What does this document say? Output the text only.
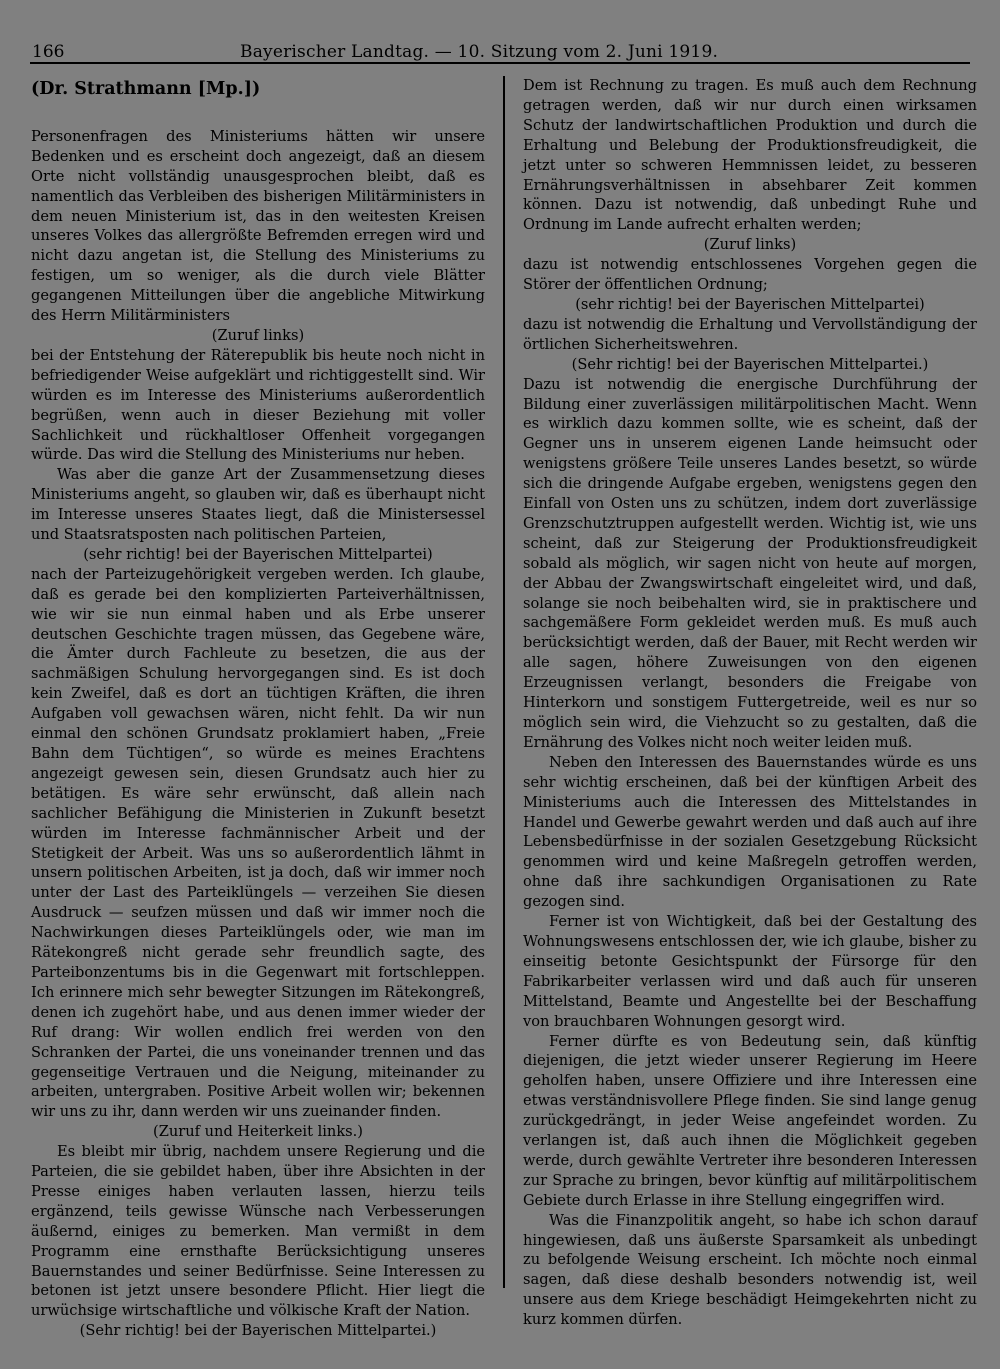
166	Bayerischer Landtag. — 10. Sitzung vom 2. Juni 1919.
(Dr. Strathmann [Mp.])

Personenfragen des Ministeriums hätten wir unsere Bedenken und es erscheint doch angezeigt, daß an diesem Orte nicht vollständig unausgesprochen bleibt, daß es namentlich das Verbleiben des bisherigen Militärministers in dem neuen Ministerium ist, das in den weitesten Kreisen unseres Volkes das allergrößte Befremden erregen wird und nicht dazu angetan ist, die Stellung des Ministeriums zu festigen, um so weniger, als die durch viele Blätter gegangenen Mitteilungen über die angebliche Mitwirkung des Herrn Militärministers

(Zuruf links)

bei der Entstehung der Räterepublik bis heute noch nicht in befriedigender Weise aufgeklärt und richtiggestellt sind. Wir würden es im Interesse des Ministeriums außerordentlich begrüßen, wenn auch in dieser Beziehung mit voller Sachlichkeit und rückhaltloser Offenheit vorgegangen würde. Das wird die Stellung des Ministeriums nur heben.

Was aber die ganze Art der Zusammensetzung dieses Ministeriums angeht, so glauben wir, daß es überhaupt nicht im Interesse unseres Staates liegt, daß die Ministersessel und Staatsratsposten nach politischen Parteien,

(sehr richtig! bei der Bayerischen Mittelpartei)

nach der Parteizugehörigkeit vergeben werden. Ich glaube, daß es gerade bei den komplizierten Parteiverhältnissen, wie wir sie nun einmal haben und als Erbe unserer deutschen Geschichte tragen müssen, das Gegebene wäre, die Ämter durch Fachleute zu besetzen, die aus der sachmäßigen Schulung hervorgegangen sind. Es ist doch kein Zweifel, daß es dort an tüchtigen Kräften, die ihren Aufgaben voll gewachsen wären, nicht fehlt. Da wir nun einmal den schönen Grundsatz proklamiert haben, „Freie Bahn dem Tüchtigen“, so würde es meines Erachtens angezeigt gewesen sein, diesen Grundsatz auch hier zu betätigen. Es wäre sehr erwünscht, daß allein nach sachlicher Befähigung die Ministerien in Zukunft besetzt würden im Interesse fachmännischer Arbeit und der Stetigkeit der Arbeit. Was uns so außerordentlich lähmt in unsern politischen Arbeiten, ist ja doch, daß wir immer noch unter der Last des Parteiklüngels — verzeihen Sie diesen Ausdruck — seufzen müssen und daß wir immer noch die Nachwirkungen dieses Parteiklüngels oder, wie man im Rätekongreß nicht gerade sehr freundlich sagte, des Parteibonzentums bis in die Gegenwart mit fortschleppen. Ich erinnere mich sehr bewegter Sitzungen im Rätekongreß, denen ich zugehört habe, und aus denen immer wieder der Ruf drang: Wir wollen endlich frei werden von den Schranken der Partei, die uns voneinander trennen und das gegenseitige Vertrauen und die Neigung, miteinander zu arbeiten, untergraben. Positive Arbeit wollen wir; bekennen wir uns zu ihr, dann werden wir uns zueinander finden.

(Zuruf und Heiterkeit links.)

Es bleibt mir übrig, nachdem unsere Regierung und die Parteien, die sie gebildet haben, über ihre Absichten in der Presse einiges haben verlauten lassen, hierzu teils ergänzend, teils gewisse Wünsche nach Verbesserungen äußernd, einiges zu bemerken. Man vermißt in dem Programm eine ernsthafte Berücksichtigung unseres Bauernstandes und seiner Bedürfnisse. Seine Interessen zu betonen ist jetzt unsere besondere Pflicht. Hier liegt die urwüchsige wirtschaftliche und völkische Kraft der Nation.

(Sehr richtig! bei der Bayerischen Mittelpartei.)

Dem ist Rechnung zu tragen. Es muß auch dem Rechnung getragen werden, daß wir nur durch einen wirksamen Schutz der landwirtschaftlichen Produktion und durch die Erhaltung und Belebung der Produktionsfreudigkeit, die jetzt unter so schweren Hemmnissen leidet, zu besseren Ernährungsverhältnissen in absehbarer Zeit kommen können. Dazu ist notwendig, daß unbedingt Ruhe und Ordnung im Lande aufrecht erhalten werden;

(Zuruf links)

dazu ist notwendig entschlossenes Vorgehen gegen die Störer der öffentlichen Ordnung;

(sehr richtig! bei der Bayerischen Mittelpartei)

dazu ist notwendig die Erhaltung und Vervollständigung der örtlichen Sicherheitswehren.

(Sehr richtig! bei der Bayerischen Mittelpartei.)

Dazu ist notwendig die energische Durchführung der Bildung einer zuverlässigen militärpolitischen Macht. Wenn es wirklich dazu kommen sollte, wie es scheint, daß der Gegner uns in unserem eigenen Lande heimsucht oder wenigstens größere Teile unseres Landes besetzt, so würde sich die dringende Aufgabe ergeben, wenigstens gegen den Einfall von Osten uns zu schützen, indem dort zuverlässige Grenzschutztruppen aufgestellt werden. Wichtig ist, wie uns scheint, daß zur Steigerung der Produktionsfreudigkeit sobald als möglich, wir sagen nicht von heute auf morgen, der Abbau der Zwangswirtschaft eingeleitet wird, und daß, solange sie noch beibehalten wird, sie in praktischere und sachgemäßere Form gekleidet werden muß. Es muß auch berücksichtigt werden, daß der Bauer, mit Recht werden wir alle sagen, höhere Zuweisungen von den eigenen Erzeugnissen verlangt, besonders die Freigabe von Hinterkorn und sonstigem Futtergetreide, weil es nur so möglich sein wird, die Viehzucht so zu gestalten, daß die Ernährung des Volkes nicht noch weiter leiden muß.

Neben den Interessen des Bauernstandes würde es uns sehr wichtig erscheinen, daß bei der künftigen Arbeit des Ministeriums auch die Interessen des Mittelstandes in Handel und Gewerbe gewahrt werden und daß auch auf ihre Lebensbedürfnisse in der sozialen Gesetzgebung Rücksicht genommen wird und keine Maßregeln getroffen werden, ohne daß ihre sachkundigen Organisationen zu Rate gezogen sind.

Ferner ist von Wichtigkeit, daß bei der Gestaltung des Wohnungswesens entschlossen der, wie ich glaube, bisher zu einseitig betonte Gesichtspunkt der Fürsorge für den Fabrikarbeiter verlassen wird und daß auch für unseren Mittelstand, Beamte und Angestellte bei der Beschaffung von brauchbaren Wohnungen gesorgt wird.

Ferner dürfte es von Bedeutung sein, daß künftig diejenigen, die jetzt wieder unserer Regierung im Heere geholfen haben, unsere Offiziere und ihre Interessen eine etwas verständnisvollere Pflege finden. Sie sind lange genug zurückgedrängt, in jeder Weise angefeindet worden. Zu verlangen ist, daß auch ihnen die Möglichkeit gegeben werde, durch gewählte Vertreter ihre besonderen Interessen zur Sprache zu bringen, bevor künftig auf militärpolitischem Gebiete durch Erlasse in ihre Stellung eingegriffen wird.

Was die Finanzpolitik angeht, so habe ich schon darauf hingewiesen, daß uns äußerste Sparsamkeit als unbedingt zu befolgende Weisung erscheint. Ich möchte noch einmal sagen, daß diese deshalb besonders notwendig ist, weil unsere aus dem Kriege beschädigt Heimgekehrten nicht zu kurz kommen dürfen.
